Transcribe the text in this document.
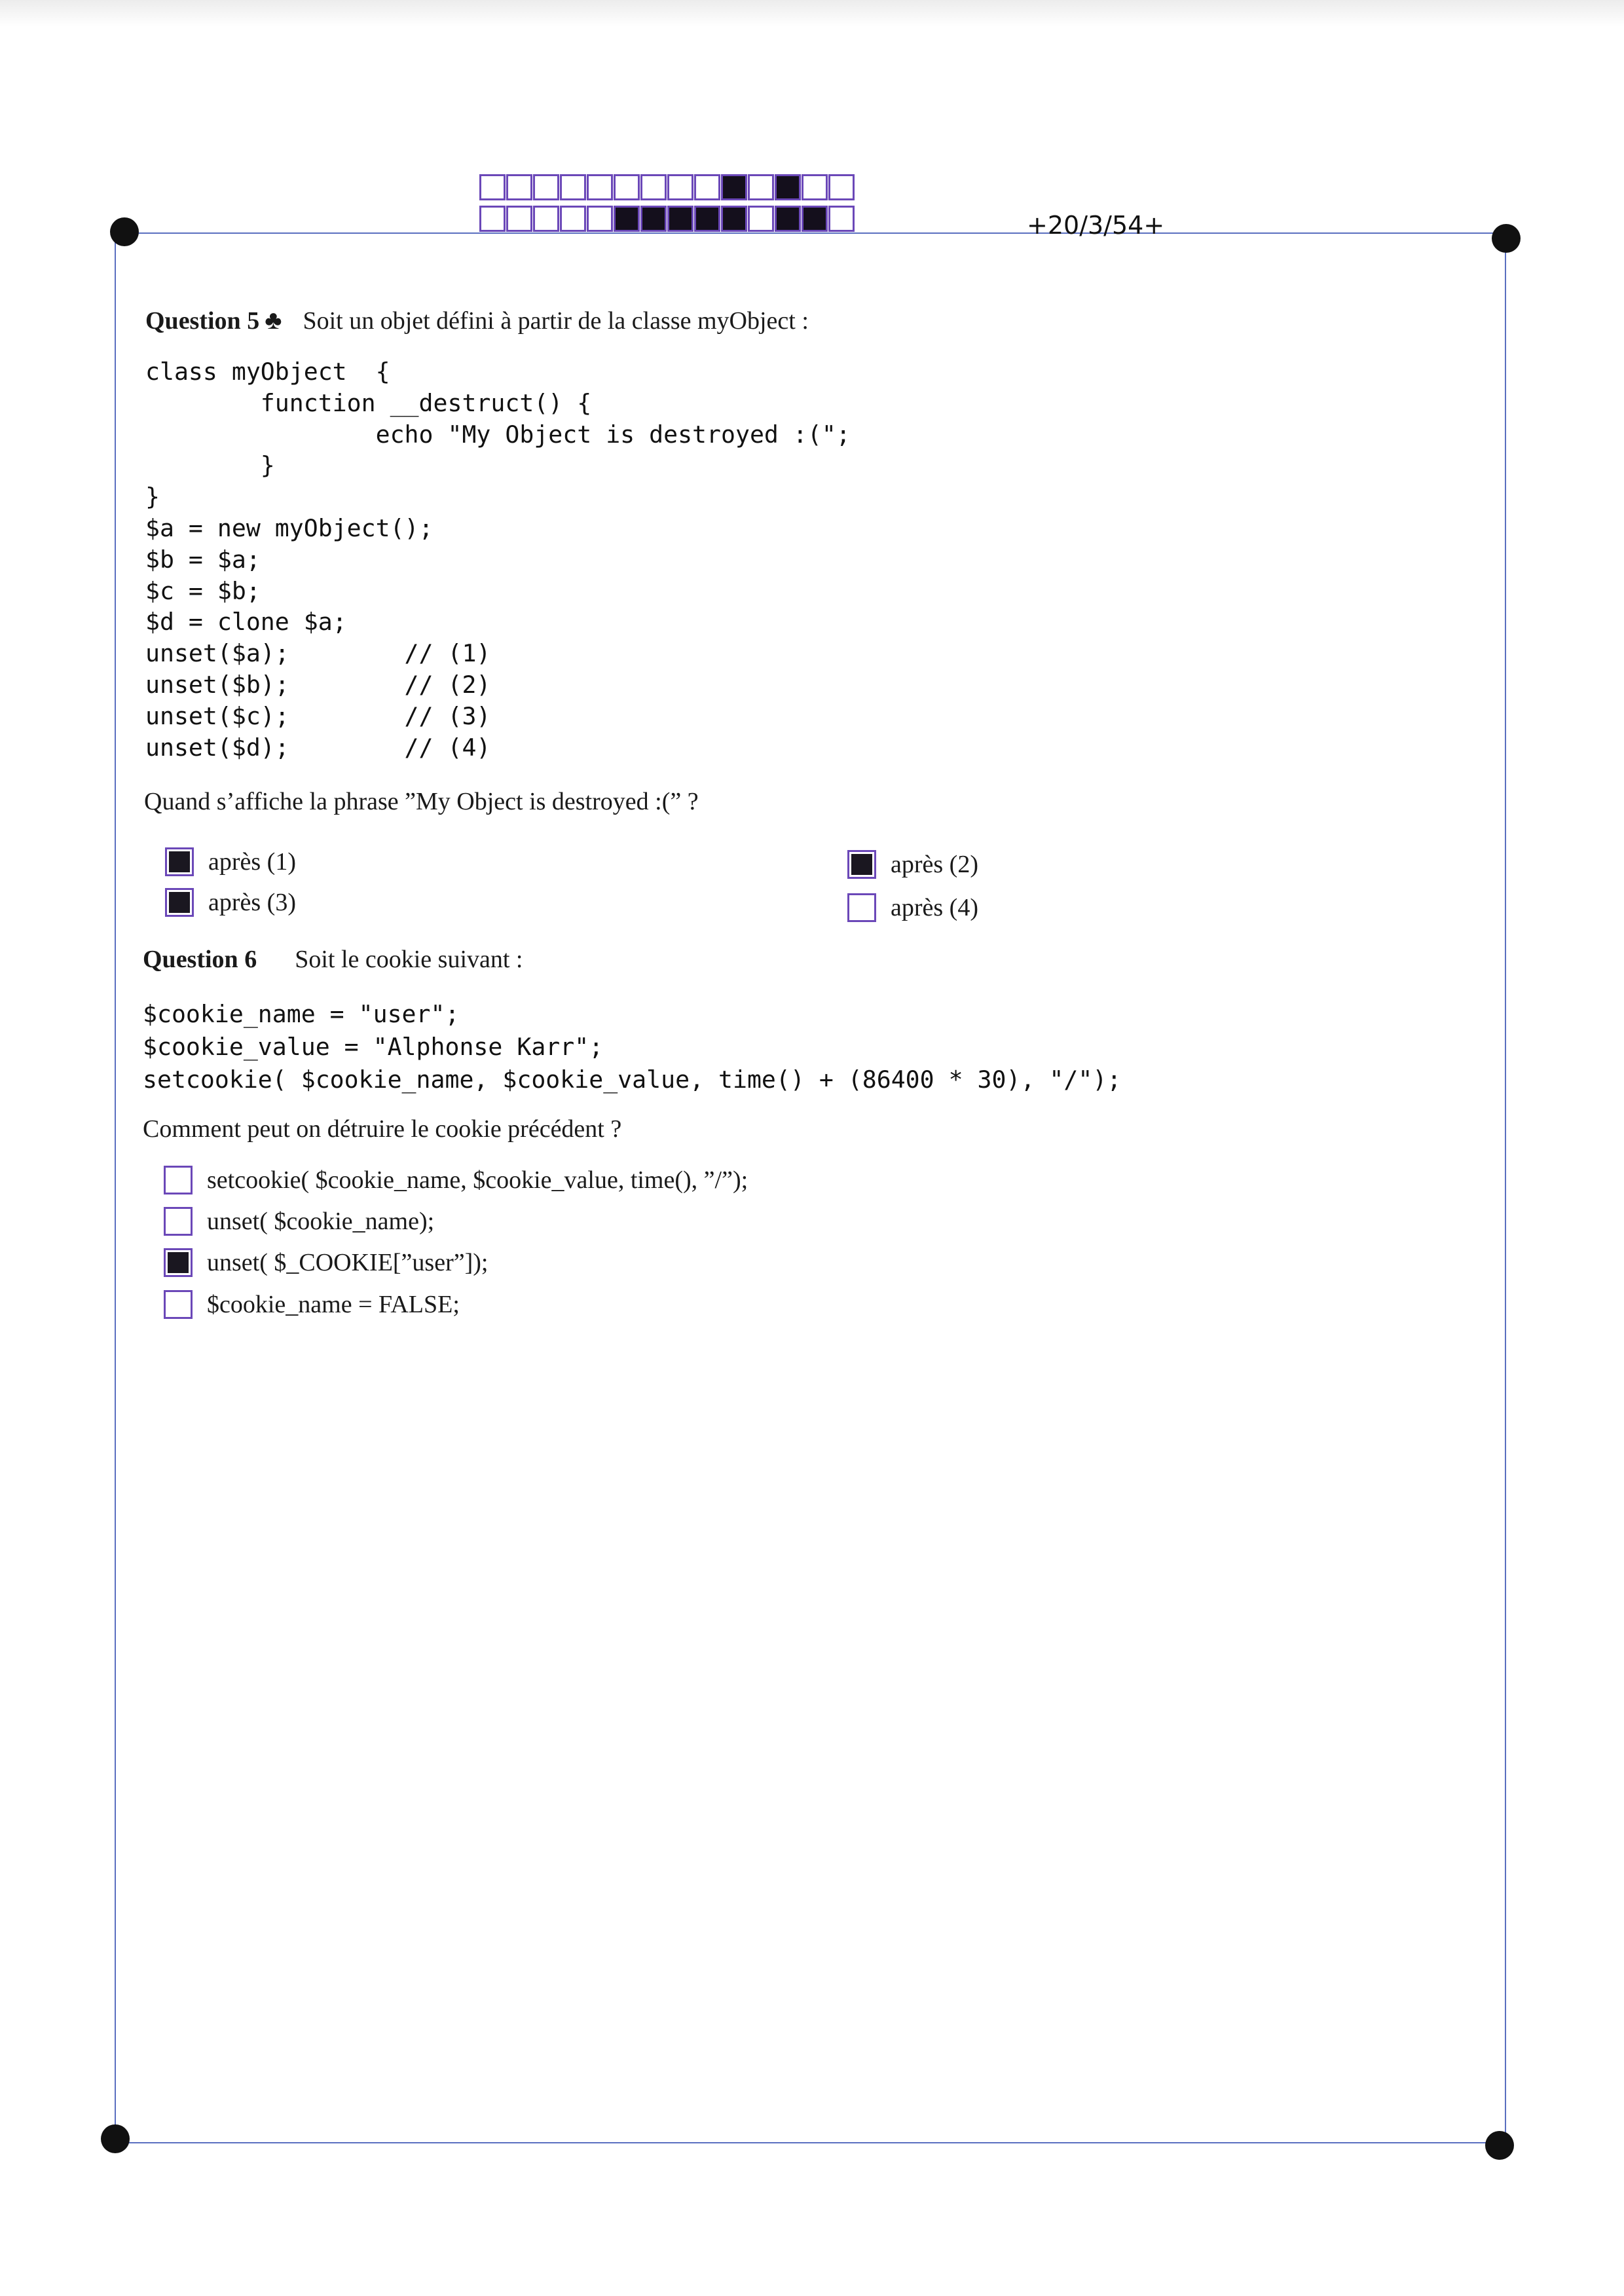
+20/3/54+
Question 5 ♣ Soit un objet défini à partir de la classe myObject :
class myObject  {
function __destruct() {
echo "My Object is destroyed :(";
}
}
$a = new myObject();
$b = $a;
$c = $b;
$d = clone $a;
unset($a);        // (1)
unset($b);        // (2)
unset($c);        // (3)
unset($d);        // (4)
Quand s’affiche la phrase ”My Object is destroyed :(” ?
après (1)	après (2)
après (3)	après (4)
Question 6 Soit le cookie suivant :
$cookie_name = "user";
$cookie_value = "Alphonse Karr";
setcookie( $cookie_name, $cookie_value, time() + (86400 * 30), "/");
Comment peut on détruire le cookie précédent ?
setcookie( $cookie_name, $cookie_value, time(), ”/”);
unset( $cookie_name);
unset( $_COOKIE[”user”]);
$cookie_name = FALSE;
